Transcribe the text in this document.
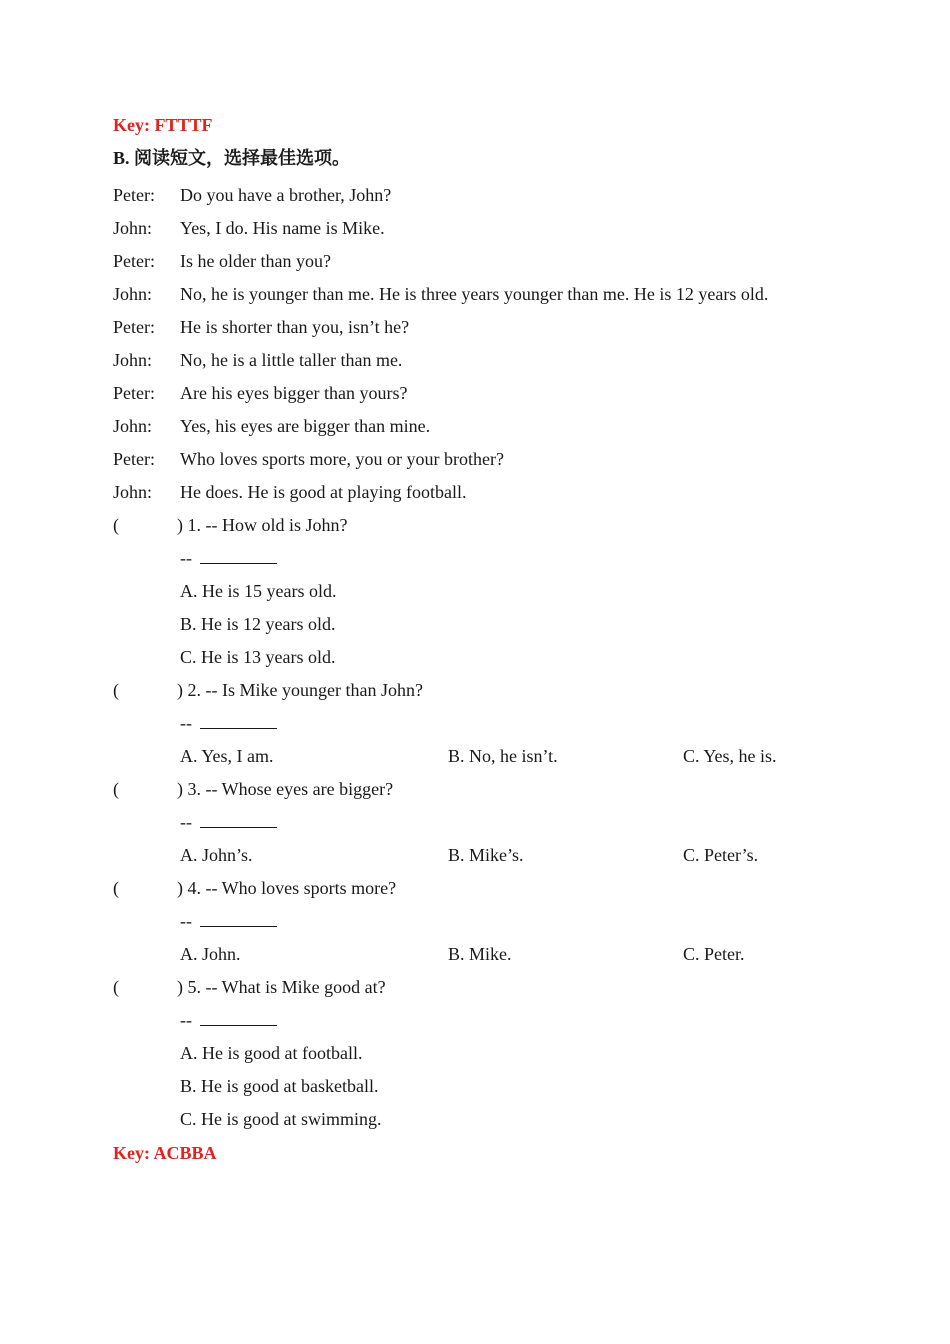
Key: FTTTF
B. 阅读短文，选择最佳选项。
Peter: Do you have a brother, John?
John: Yes, I do. His name is Mike.
Peter: Is he older than you?
John: No, he is younger than me. He is three years younger than me. He is 12 years old.
Peter: He is shorter than you, isn’t he?
John: No, he is a little taller than me.
Peter: Are his eyes bigger than yours?
John: Yes, his eyes are bigger than mine.
Peter: Who loves sports more, you or your brother?
John: He does. He is good at playing football.
(	) 1. -- How old is John?
--
A. He is 15 years old.
B. He is 12 years old.
C. He is 13 years old.
(	) 2. -- Is Mike younger than John?
--
A. Yes, I am.	B. No, he isn’t.	C. Yes, he is.
(	) 3. -- Whose eyes are bigger?
--
A. John’s.	B. Mike’s.	C. Peter’s.
(	) 4. -- Who loves sports more?
--
A. John.	B. Mike.	C. Peter.
(	) 5. -- What is Mike good at?
--
A. He is good at football.
B. He is good at basketball.
C. He is good at swimming.
Key: ACBBA
